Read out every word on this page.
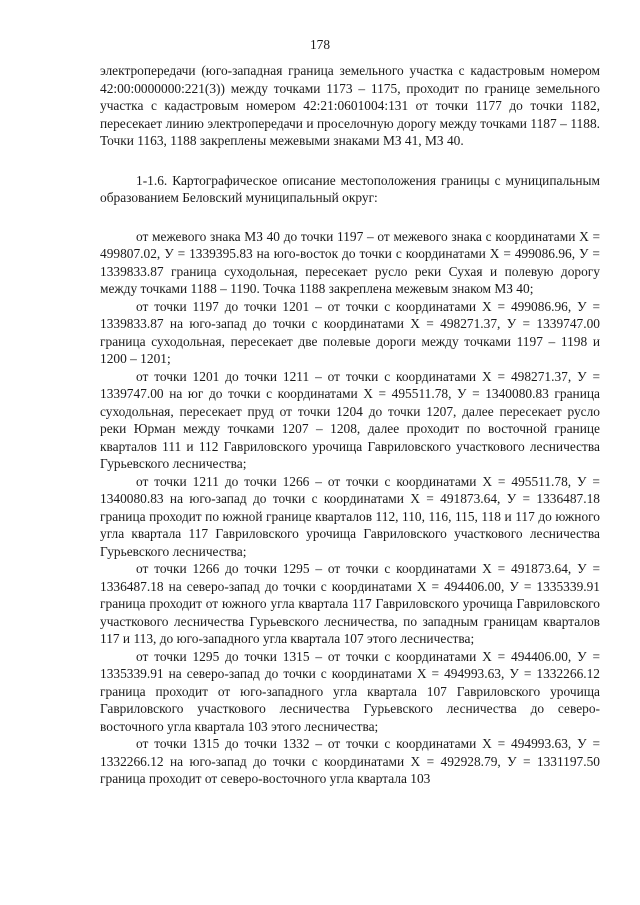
178

электропередачи (юго-западная граница земельного участка с кадастровым номером 42:00:0000000:221(3)) между точками 1173 – 1175, проходит по границе земельного участка с кадастровым номером 42:21:0601004:131 от точки 1177 до точки 1182, пересекает линию электропередачи и проселочную дорогу между точками 1187 – 1188. Точки 1163, 1188 закреплены межевыми знаками МЗ 41, МЗ 40.

1-1.6. Картографическое описание местоположения границы с муниципальным образованием Беловский муниципальный округ:

от межевого знака МЗ 40 до точки 1197 – от межевого знака с координатами Х = 499807.02, У = 1339395.83 на юго-восток до точки с координатами Х = 499086.96, У = 1339833.87 граница суходольная, пересекает русло реки Сухая и полевую дорогу между точками 1188 – 1190. Точка 1188 закреплена межевым знаком МЗ 40;

от точки 1197 до точки 1201 – от точки с координатами Х = 499086.96, У = 1339833.87 на юго-запад до точки с координатами Х = 498271.37, У = 1339747.00 граница суходольная, пересекает две полевые дороги между точками 1197 – 1198 и 1200 – 1201;

от точки 1201 до точки 1211 – от точки с координатами Х = 498271.37, У = 1339747.00 на юг до точки с координатами Х = 495511.78, У = 1340080.83 граница суходольная, пересекает пруд от точки 1204 до точки 1207, далее пересекает русло реки Юрман между точками 1207 – 1208, далее проходит по восточной границе кварталов 111 и 112 Гавриловского урочища Гавриловского участкового лесничества Гурьевского лесничества;

от точки 1211 до точки 1266 – от точки с координатами Х = 495511.78, У = 1340080.83 на юго-запад до точки с координатами Х = 491873.64, У = 1336487.18 граница проходит по южной границе кварталов 112, 110, 116, 115, 118 и 117 до южного угла квартала 117 Гавриловского урочища Гавриловского участкового лесничества Гурьевского лесничества;

от точки 1266 до точки 1295 – от точки с координатами Х = 491873.64, У = 1336487.18 на северо-запад до точки с координатами Х = 494406.00, У = 1335339.91 граница проходит от южного угла квартала 117 Гавриловского урочища Гавриловского участкового лесничества Гурьевского лесничества, по западным границам кварталов 117 и 113, до юго-западного угла квартала 107 этого лесничества;

от точки 1295 до точки 1315 – от точки с координатами Х = 494406.00, У = 1335339.91 на северо-запад до точки с координатами Х = 494993.63, У = 1332266.12 граница проходит от юго-западного угла квартала 107 Гавриловского урочища Гавриловского участкового лесничества Гурьевского лесничества до северо-восточного угла квартала 103 этого лесничества;

от точки 1315 до точки 1332 – от точки с координатами Х = 494993.63, У = 1332266.12 на юго-запад до точки с координатами Х = 492928.79, У = 1331197.50 граница проходит от северо-восточного угла квартала 103
